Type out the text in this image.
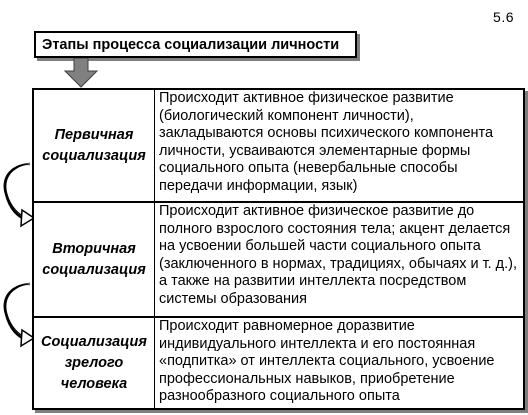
5.6
Этапы процесса социализации личности
Первичная
социализация
Происходит активное физическое развитие (биологический компонент личности), закладываются основы психического компонента личности, усваиваются элементарные формы социального опыта (невербальные способы передачи информации, язык)
Вторичная
социализация
Происходит активное физическое развитие до полного взрослого состояния тела; акцент делается на усвоении большей части социального опыта (заключенного в нормах, традициях, обычаях и т. д.), а также на развитии интеллекта посредством системы образования
Социализация
зрелого
человека
Происходит равномерное доразвитие индивидуального интеллекта и его постоянная «подпитка» от интеллекта социального, усвоение профессиональных навыков, приобретение разнообразного социального опыта
